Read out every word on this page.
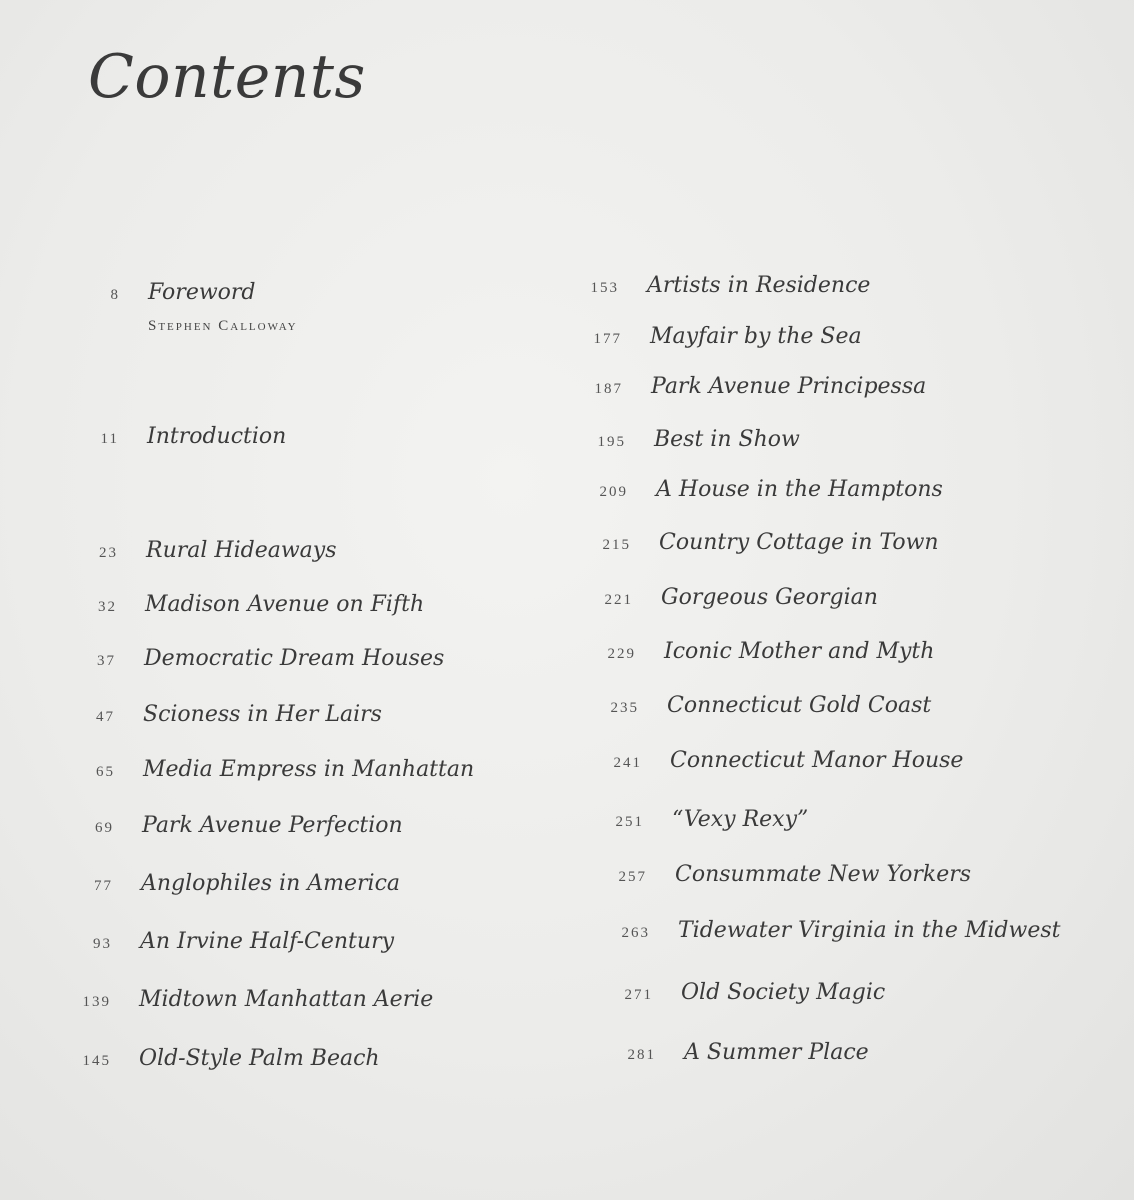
Contents
8 Foreword
Stephen Calloway
11 Introduction
23 Rural Hideaways
32 Madison Avenue on Fifth
37 Democratic Dream Houses
47 Scioness in Her Lairs
65 Media Empress in Manhattan
69 Park Avenue Perfection
77 Anglophiles in America
93 An Irvine Half-Century
139 Midtown Manhattan Aerie
145 Old-Style Palm Beach
153 Artists in Residence
177 Mayfair by the Sea
187 Park Avenue Principessa
195 Best in Show
209 A House in the Hamptons
215 Country Cottage in Town
221 Gorgeous Georgian
229 Iconic Mother and Myth
235 Connecticut Gold Coast
241 Connecticut Manor House
251 “Vexy Rexy”
257 Consummate New Yorkers
263 Tidewater Virginia in the Midwest
271 Old Society Magic
281 A Summer Place
